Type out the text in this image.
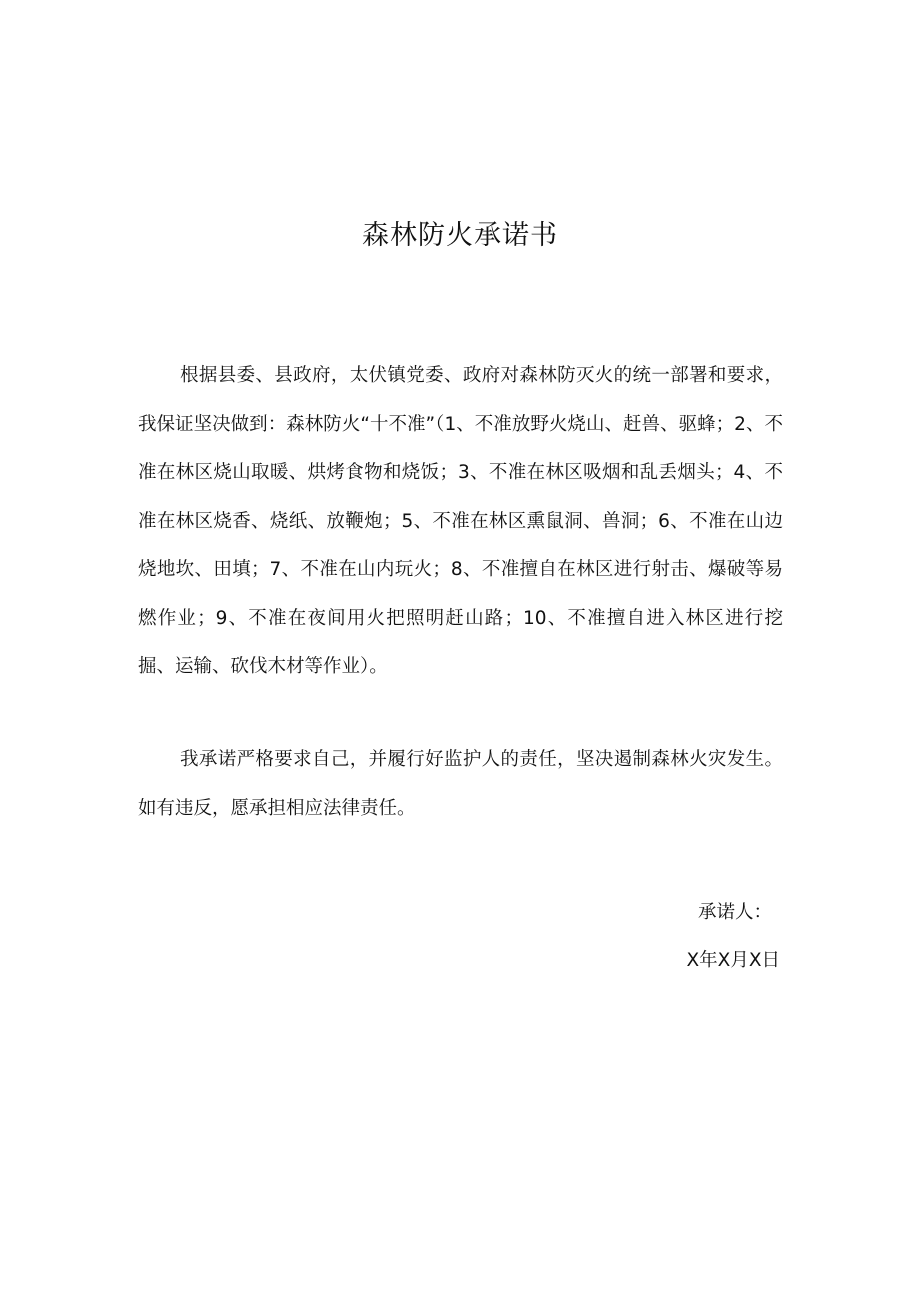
森林防火承诺书

根据县委、县政府，太伏镇党委、政府对森林防灭火的统一部署和要求，我保证坚决做到：森林防火“十不准”（1、不准放野火烧山、赶兽、驱蜂；2、不准在林区烧山取暖、烘烤食物和烧饭；3、不准在林区吸烟和乱丢烟头；4、不准在林区烧香、烧纸、放鞭炮；5、不准在林区熏鼠洞、兽洞；6、不准在山边烧地坎、田填；7、不准在山内玩火；8、不准擅自在林区进行射击、爆破等易燃作业；9、不准在夜间用火把照明赶山路；10、不准擅自进入林区进行挖掘、运输、砍伐木材等作业）。

我承诺严格要求自己，并履行好监护人的责任，坚决遏制森林火灾发生。如有违反，愿承担相应法律责任。

承诺人：

X年X月X日
